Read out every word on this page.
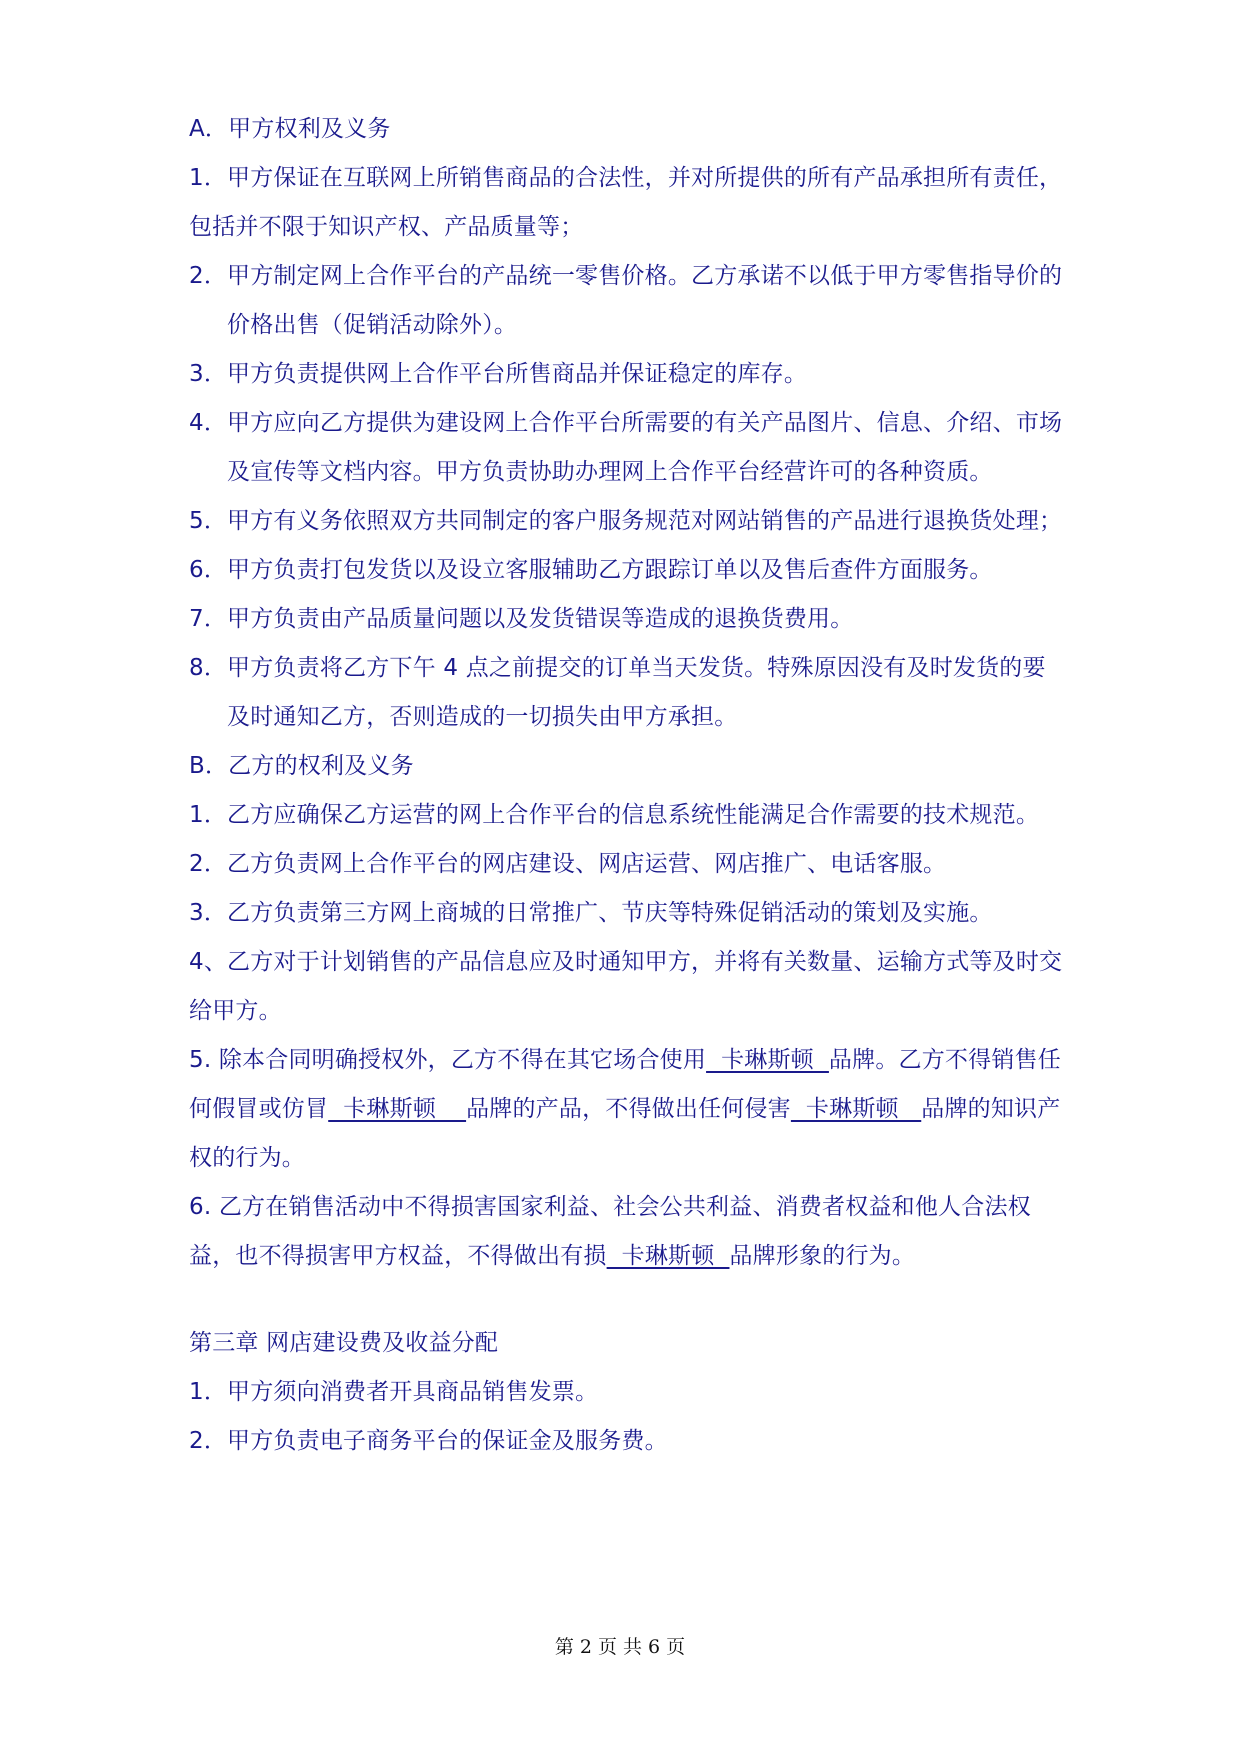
A．甲方权利及义务

1．甲方保证在互联网上所销售商品的合法性，并对所提供的所有产品承担所有责任，包括并不限于知识产权、产品质量等；

2．甲方制定网上合作平台的产品统一零售价格。乙方承诺不以低于甲方零售指导价的价格出售（促销活动除外）。

3．甲方负责提供网上合作平台所售商品并保证稳定的库存。

4．甲方应向乙方提供为建设网上合作平台所需要的有关产品图片、信息、介绍、市场及宣传等文档内容。甲方负责协助办理网上合作平台经营许可的各种资质。

5．甲方有义务依照双方共同制定的客户服务规范对网站销售的产品进行退换货处理；

6．甲方负责打包发货以及设立客服辅助乙方跟踪订单以及售后查件方面服务。

7．甲方负责由产品质量问题以及发货错误等造成的退换货费用。

8．甲方负责将乙方下午 4 点之前提交的订单当天发货。特殊原因没有及时发货的要及时通知乙方，否则造成的一切损失由甲方承担。

B．乙方的权利及义务

1．乙方应确保乙方运营的网上合作平台的信息系统性能满足合作需要的技术规范。

2．乙方负责网上合作平台的网店建设、网店运营、网店推广、电话客服。

3．乙方负责第三方网上商城的日常推广、节庆等特殊促销活动的策划及实施。

4、乙方对于计划销售的产品信息应及时通知甲方，并将有关数量、运输方式等及时交给甲方。

5. 除本合同明确授权外，乙方不得在其它场合使用  卡琳斯顿  品牌。乙方不得销售任何假冒或仿冒  卡琳斯顿    品牌的产品，不得做出任何侵害  卡琳斯顿   品牌的知识产权的行为。

6. 乙方在销售活动中不得损害国家利益、社会公共利益、消费者权益和他人合法权益，也不得损害甲方权益，不得做出有损  卡琳斯顿  品牌形象的行为。

第三章 网店建设费及收益分配

1．甲方须向消费者开具商品销售发票。

2．甲方负责电子商务平台的保证金及服务费。

第 2 页 共 6 页
